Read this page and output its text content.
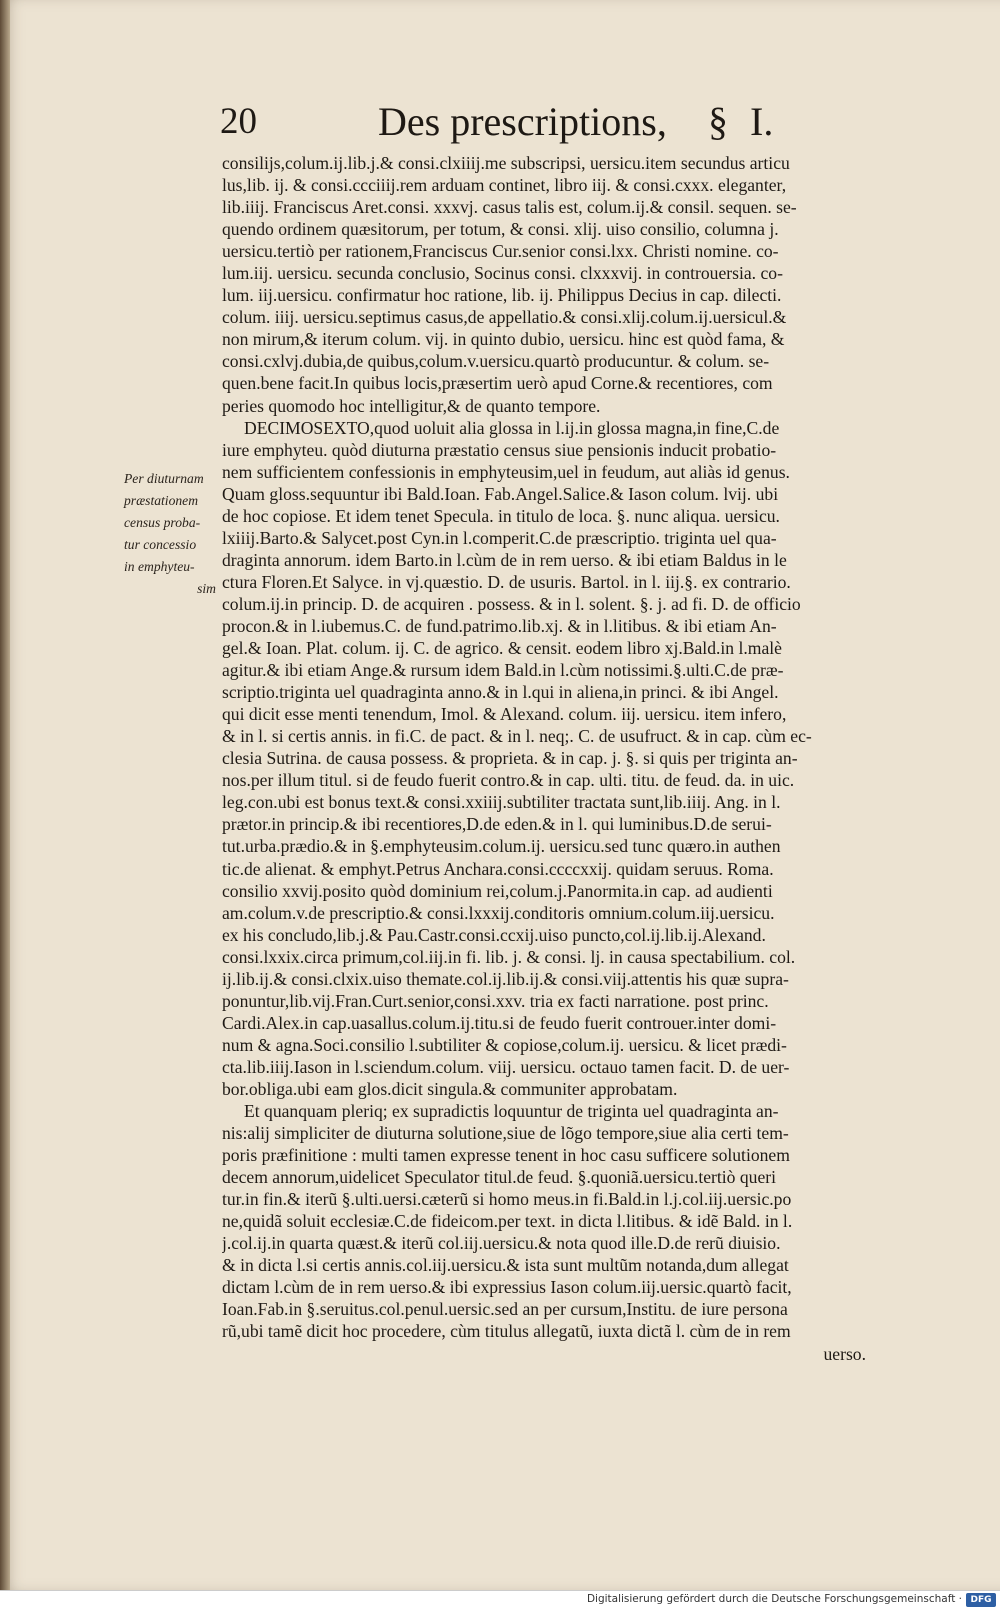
20	Des prescriptions, § I.
Per diuturnam
præstationem
census proba-
tur concessio
in emphyteu-
sim
consiliјs,colum.ij.lib.j.& consi.clxiiij.me subscripsi, uersicu.item secundus articu
lus,lib. ij. & consi.ccciiij.rem arduam continet, libro iij. & consi.cxxx. eleganter,
lib.iiij. Franciscus Aret.consi. xxxvj. casus talis est, colum.ij.& consil. sequen. se-
quendo ordinem quæsitorum, per totum, & consi. xlij. uiso consilio, columna j.
uersicu.tertiò per rationem,Franciscus Cur.senior consi.lxx. Christi nomine. co-
lum.iij. uersicu. secunda conclusio, Socinus consi. clxxxvij. in controuersia. co-
lum. iij.uersicu. confirmatur hoc ratione, lib. ij. Philippus Decius in cap. dilecti.
colum. iiij. uersicu.septimus casus,de appellatio.& consi.xlij.colum.ij.uersicul.&
non mirum,& iterum colum. vij. in quinto dubio, uersicu. hinc est quòd fama, &
consi.cxlvj.dubia,de quibus,colum.v.uersicu.quartò producuntur. & colum. se-
quen.bene facit.In quibus locis,præsertim uerò apud Corne.& recentiores, com
peries quomodo hoc intelligitur,& de quanto tempore.
DECIMOSEXTO,quod uoluit alia glossa in l.ij.in glossa magna,in fine,C.de
iure emphyteu. quòd diuturna præstatio census siue pensionis inducit probatio-
nem sufficientem confessionis in emphyteusim,uel in feudum, aut aliàs id genus.
Quam gloss.sequuntur ibi Bald.Ioan. Fab.Angel.Salice.& Iason colum. lvij. ubi
de hoc copiose. Et idem tenet Specula. in titulo de loca. §. nunc aliqua. uersicu.
lxiiij.Barto.& Salycet.post Cyn.in l.comperit.C.de præscriptio. triginta uel qua-
draginta annorum. idem Barto.in l.cùm de in rem uerso. & ibi etiam Baldus in le
ctura Floren.Et Salyce. in vj.quæstio. D. de usuris. Bartol. in l. iij.§. ex contrario.
colum.ij.in princip. D. de acquiren . possess. & in l. solent. §. j. ad fi. D. de officio
procon.& in l.iubemus.C. de fund.patrimo.lib.xj. & in l.litibus. & ibi etiam An-
gel.& Ioan. Plat. colum. ij. C. de agrico. & censit. eodem libro xj.Bald.in l.malè
agitur.& ibi etiam Ange.& rursum idem Bald.in l.cùm notissimi.§.ulti.C.de præ-
scriptio.triginta uel quadraginta anno.& in l.qui in aliena,in princi. & ibi Angel.
qui dicit esse menti tenendum, Imol. & Alexand. colum. iij. uersicu. item infero,
& in l. si certis annis. in fi.C. de pact. & in l. neq;. C. de usufruct. & in cap. cùm ec-
clesia Sutrina. de causa possess. & proprieta. & in cap. j. §. si quis per triginta an-
nos.per illum titul. si de feudo fuerit contro.& in cap. ulti. titu. de feud. da. in uic.
leg.con.ubi est bonus text.& consi.xxiiij.subtiliter tractata sunt,lib.iiij. Ang. in l.
prætor.in princip.& ibi recentiores,D.de eden.& in l. qui luminibus.D.de serui-
tut.urba.prædio.& in §.emphyteusim.colum.ij. uersicu.sed tunc quæro.in authen
tic.de alienat. & emphyt.Petrus Anchara.consi.ccccxxij. quidam seruus. Roma.
consilio xxvij.posito quòd dominium rei,colum.j.Panormita.in cap. ad audienti
am.colum.v.de prescriptio.& consi.lxxxij.conditoris omnium.colum.iij.uersicu.
ex his concludo,lib.j.& Pau.Castr.consi.ccxij.uiso puncto,col.ij.lib.ij.Alexand.
consi.lxxix.circa primum,col.iij.in fi. lib. j. & consi. lj. in causa spectabilium. col.
ij.lib.ij.& consi.clxix.uiso themate.col.ij.lib.ij.& consi.viij.attentis his quæ supra-
ponuntur,lib.vij.Fran.Curt.senior,consi.xxv. tria ex facti narratione. post princ.
Cardi.Alex.in cap.uasallus.colum.ij.titu.si de feudo fuerit controuer.inter domi-
num & agna.Soci.consilio l.subtiliter & copiose,colum.ij. uersicu. & licet prædi-
cta.lib.iiij.Iason in l.sciendum.colum. viij. uersicu. octauo tamen facit. D. de uer-
bor.obliga.ubi eam glos.dicit singula.& communiter approbatam.
Et quanquam pleriq; ex supradictis loquuntur de triginta uel quadraginta an-
nis:alij simpliciter de diuturna solutione,siue de lõgo tempore,siue alia certi tem-
poris præfinitione : multi tamen expresse tenent in hoc casu sufficere solutionem
decem annorum,uidelicet Speculator titul.de feud. §.quoniã.uersicu.tertiò queri
tur.in fin.& iterũ §.ulti.uersi.cæterũ si homo meus.in fi.Bald.in l.j.col.iij.uersic.po
ne,quidã soluit ecclesiæ.C.de fideicom.per text. in dicta l.litibus. & idẽ Bald. in l.
j.col.ij.in quarta quæst.& iterũ col.iij.uersicu.& nota quod ille.D.de rerũ diuisio.
& in dicta l.si certis annis.col.iij.uersicu.& ista sunt multũm notanda,dum allegat
dictam l.cùm de in rem uerso.& ibi expressius Iason colum.iij.uersic.quartò facit,
Ioan.Fab.in §.seruitus.col.penul.uersic.sed an per cursum,Institu. de iure persona
rũ,ubi tamẽ dicit hoc procedere, cùm titulus allegatũ, iuxta dictã l. cùm de in rem
uerso.
Digitalisierung gefördert durch die Deutsche Forschungsgemeinschaft · DFG
